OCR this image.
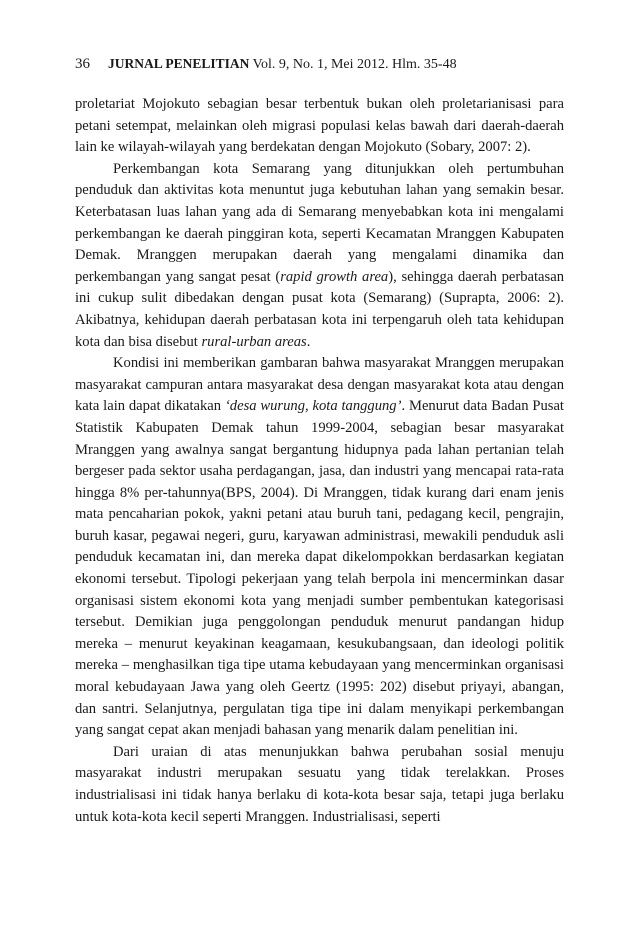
36 JURNAL PENELITIAN Vol. 9, No. 1, Mei 2012. Hlm. 35-48

proletariat Mojokuto sebagian besar terbentuk bukan oleh proletarianisasi para petani setempat, melainkan oleh migrasi populasi kelas bawah dari daerah-daerah lain ke wilayah-wilayah yang berdekatan dengan Mojokuto (Sobary, 2007: 2).

Perkembangan kota Semarang yang ditunjukkan oleh pertumbuhan penduduk dan aktivitas kota menuntut juga kebutuhan lahan yang semakin besar. Keterbatasan luas lahan yang ada di Semarang menyebabkan kota ini mengalami perkembangan ke daerah pinggiran kota, seperti Kecamatan Mranggen Kabupaten Demak. Mranggen merupakan daerah yang mengalami dinamika dan perkembangan yang sangat pesat (rapid growth area), sehingga daerah perbatasan ini cukup sulit dibedakan dengan pusat kota (Semarang) (Suprapta, 2006: 2). Akibatnya, kehidupan daerah perbatasan kota ini terpengaruh oleh tata kehidupan kota dan bisa disebut rural-urban areas.

Kondisi ini memberikan gambaran bahwa masyarakat Mranggen merupakan masyarakat campuran antara masyarakat desa dengan masyarakat kota atau dengan kata lain dapat dikatakan ‘desa wurung, kota tanggung’. Menurut data Badan Pusat Statistik Kabupaten Demak tahun 1999-2004, sebagian besar masyarakat Mranggen yang awalnya sangat bergantung hidupnya pada lahan pertanian telah bergeser pada sektor usaha perdagangan, jasa, dan industri yang mencapai rata-rata hingga 8% per-tahunnya(BPS, 2004). Di Mranggen, tidak kurang dari enam jenis mata pencaharian pokok, yakni petani atau buruh tani, pedagang kecil, pengrajin, buruh kasar, pegawai negeri, guru, karyawan administrasi, mewakili penduduk asli penduduk kecamatan ini, dan mereka dapat dikelompokkan berdasarkan kegiatan ekonomi tersebut. Tipologi pekerjaan yang telah berpola ini mencerminkan dasar organisasi sistem ekonomi kota yang menjadi sumber pembentukan kategorisasi tersebut. Demikian juga penggolongan penduduk menurut pandangan hidup mereka – menurut keyakinan keagamaan, kesukubangsaan, dan ideologi politik mereka – menghasilkan tiga tipe utama kebudayaan yang mencerminkan organisasi moral kebudayaan Jawa yang oleh Geertz (1995: 202) disebut priyayi, abangan, dan santri. Selanjutnya, pergulatan tiga tipe ini dalam menyikapi perkembangan yang sangat cepat akan menjadi bahasan yang menarik dalam penelitian ini.

Dari uraian di atas menunjukkan bahwa perubahan sosial menuju masyarakat industri merupakan sesuatu yang tidak terelakkan. Proses industrialisasi ini tidak hanya berlaku di kota-kota besar saja, tetapi juga berlaku untuk kota-kota kecil seperti Mranggen. Industrialisasi, seperti
